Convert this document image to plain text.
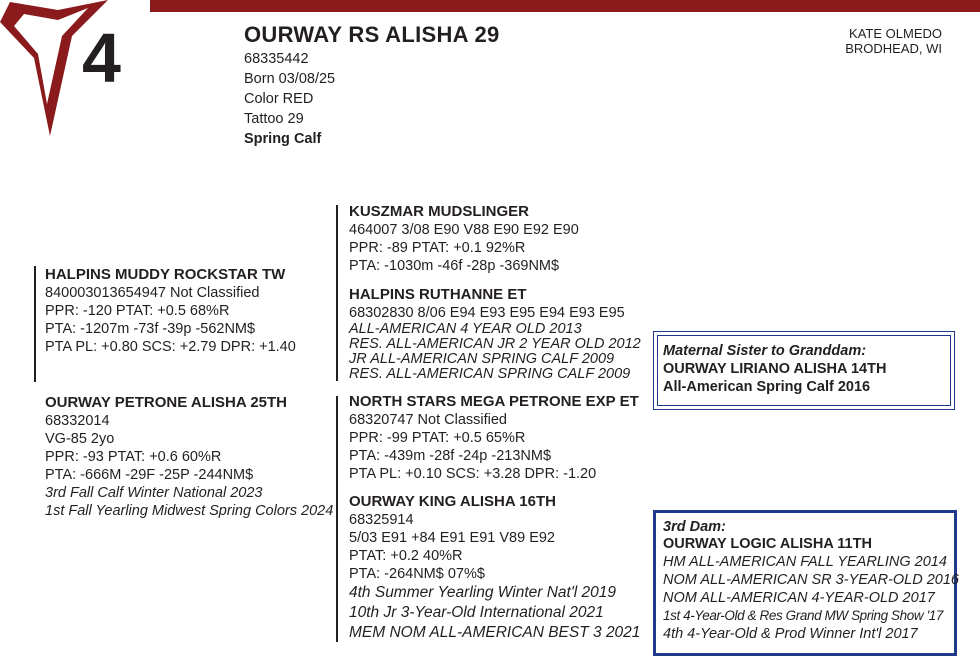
4	OURWAY RS ALISHA 29
68335442
Born 03/08/25
Color RED
Tattoo 29
Spring Calf
KATE OLMEDO
BRODHEAD, WI
HALPINS MUDDY ROCKSTAR TW
840003013654947 Not Classified
PPR: -120 PTAT: +0.5 68%R
PTA: -1207m -73f -39p -562NM$
PTA PL: +0.80 SCS: +2.79 DPR: +1.40
OURWAY PETRONE ALISHA 25TH
68332014
VG-85 2yo
PPR: -93 PTAT: +0.6 60%R
PTA: -666M -29F -25P -244NM$
3rd Fall Calf Winter National 2023
1st Fall Yearling Midwest Spring Colors 2024
KUSZMAR MUDSLINGER
464007 3/08 E90 V88 E90 E92 E90
PPR: -89 PTAT: +0.1 92%R
PTA: -1030m -46f -28p -369NM$
HALPINS RUTHANNE ET
68302830 8/06 E94 E93 E95 E94 E93 E95
ALL-AMERICAN 4 YEAR OLD 2013
RES. ALL-AMERICAN JR 2 YEAR OLD 2012
JR ALL-AMERICAN SPRING CALF 2009
RES. ALL-AMERICAN SPRING CALF 2009
NORTH STARS MEGA PETRONE EXP ET
68320747 Not Classified
PPR: -99 PTAT: +0.5 65%R
PTA: -439m -28f -24p -213NM$
PTA PL: +0.10 SCS: +3.28 DPR: -1.20
OURWAY KING ALISHA 16TH
68325914
5/03 E91 +84 E91 E91 V89 E92
PTAT: +0.2 40%R
PTA: -264NM$ 07%$
4th Summer Yearling Winter Nat'l 2019
10th Jr 3-Year-Old International 2021
MEM NOM ALL-AMERICAN BEST 3 2021
Maternal Sister to Granddam:
OURWAY LIRIANO ALISHA 14TH
All-American Spring Calf 2016
3rd Dam:
OURWAY LOGIC ALISHA 11TH
HM ALL-AMERICAN FALL YEARLING 2014
NOM ALL-AMERICAN SR 3-YEAR-OLD 2016
NOM ALL-AMERICAN 4-YEAR-OLD 2017
1st 4-Year-Old & Res Grand MW Spring Show '17
4th 4-Year-Old & Prod Winner Int'l 2017
